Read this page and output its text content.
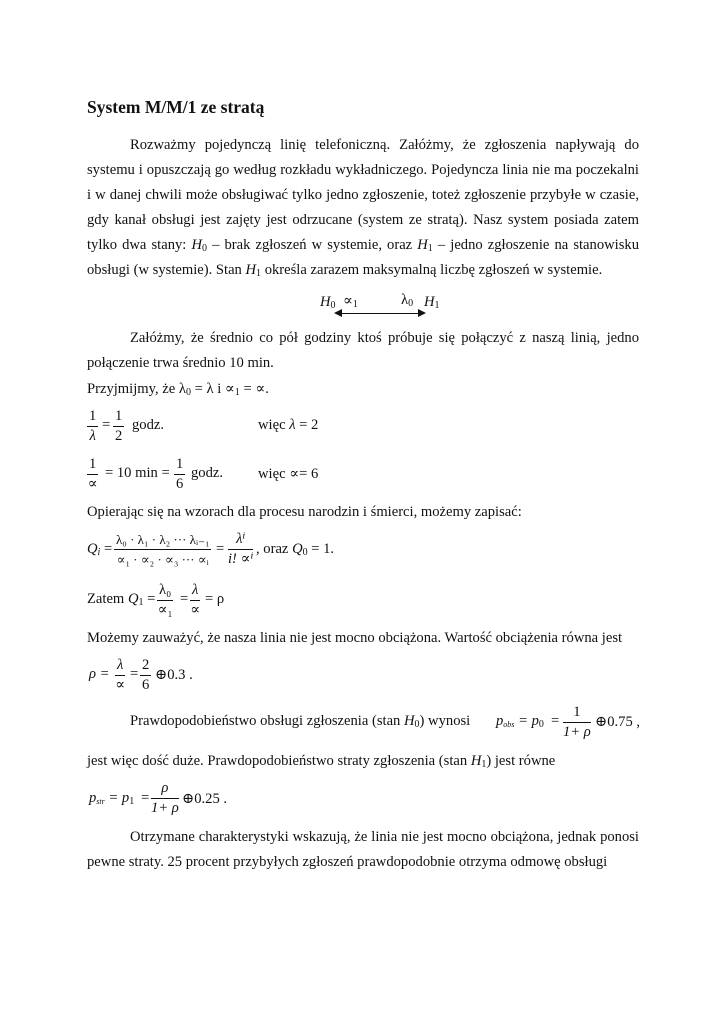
System M/M/1 ze stratą
Rozważmy pojedynczą linię telefoniczną. Załóżmy, że zgłoszenia napływają do systemu i opuszczają go według rozkładu wykładniczego. Pojedyncza linia nie ma poczekalni i w danej chwili może obsługiwać tylko jedno zgłoszenie, toteż zgłoszenie przybyłe w czasie, gdy kanał obsługi jest zajęty jest odrzucane (system ze stratą). Nasz system posiada zatem tylko dwa stany: $H_0$ – brak zgłoszeń w systemie, oraz $H_1$ – jedno zgłoszenie na stanowisku obsługi (w systemie). Stan $H_1$ określa zarazem maksymalną liczbę zgłoszeń w systemie.
$H_0 \propto_1$	$\lambda_0$ $H_1$
Załóżmy, że średnio co pół godziny ktoś próbuje się połączyć z naszą linią, jedno połączenie trwa średnio 10 min.
Przyjmijmy, że $\lambda_0 = \lambda$ $i \propto_1$ = ∝.
$\frac{1}{\lambda} = \frac{1}{2}$ godz.	więc λ = 2
1
∝
= 10 $\min = \frac{1}{6}$ godz. więc ∝= 6
Opierając się na wzorach dla procesu narodzin i śmierci, możemy zapisać:
$Q_i = \frac{\text{λ₀ · λ₁ · λ₂ ··· λᵢ₋₁}}{\text{∝₁ · ∝₂ · ∝₃ ··· ∝ᵢ}} = \frac{\text{λⁱ}}{\text{i! ∝ⁱ}}$ , oraz $Q_0 = 1$.
Zatem $Q_1$ =
λ₀
∝₁
=
λ
∝
= ρ
Możemy zauważyć, że nasza linia nie jest mocno obciążona. Wartość obciążenia równa jest
ρ =
λ
∝
= $\frac{2}{6}$ ⊕0.3 .
Prawdopodobieństwo obsługi zgłoszenia (stan $H_0$) wynosi $p_{obs} = p_0 = \frac{1}{1+ \rho}$ ⊕0.75 ,
jest więc dość duże. Prawdopodobieństwo straty zgłoszenia (stan $H_1$) jest równe
$p_{str} = p_1 = \frac{\rho}{1+ \rho}$ ⊕0.25 .
Otrzymane charakterystyki wskazują, że linia nie jest mocno obciążona, jednak ponosi pewne straty. 25 procent przybyłych zgłoszeń prawdopodobnie otrzyma odmowę obsługi
